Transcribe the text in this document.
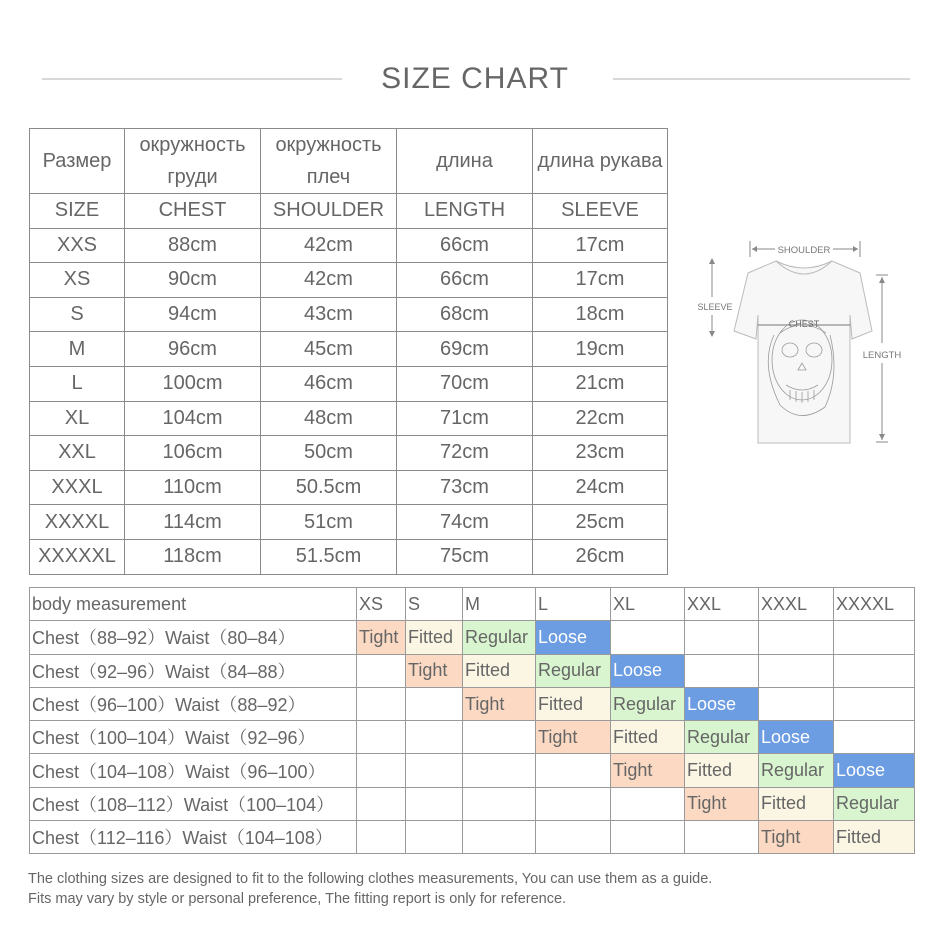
SIZE CHART
Размер	окружность груди	окружность плеч	длина	длина рукава
SIZE	CHEST	SHOULDER	LENGTH	SLEEVE
XXS	88cm	42cm	66cm	17cm
XS	90cm	42cm	66cm	17cm
S	94cm	43cm	68cm	18cm
M	96cm	45cm	69cm	19cm
L	100cm	46cm	70cm	21cm
XL	104cm	48cm	71cm	22cm
XXL	106cm	50cm	72cm	23cm
XXXL	110cm	50.5cm	73cm	24cm
XXXXL	114cm	51cm	74cm	25cm
XXXXXL	118cm	51.5cm	75cm	26cm
SHOULDER
SLEEVE
LENGTH
CHEST
body measurement	XS	S	M	L	XL	XXL	XXXL	XXXXL
Chest（88–92）Waist（80–84）	Tight	Fitted	Regular	Loose				
Chest（92–96）Waist（84–88）		Tight	Fitted	Regular	Loose			
Chest（96–100）Waist（88–92）			Tight	Fitted	Regular	Loose		
Chest（100–104）Waist（92–96）				Tight	Fitted	Regular	Loose	
Chest（104–108）Waist（96–100）					Tight	Fitted	Regular	Loose
Chest（108–112）Waist（100–104）						Tight	Fitted	Regular
Chest（112–116）Waist（104–108）							Tight	Fitted
The clothing sizes are designed to fit to the following clothes measurements, You can use them as a guide.
Fits may vary by style or personal preference, The fitting report is only for reference.
